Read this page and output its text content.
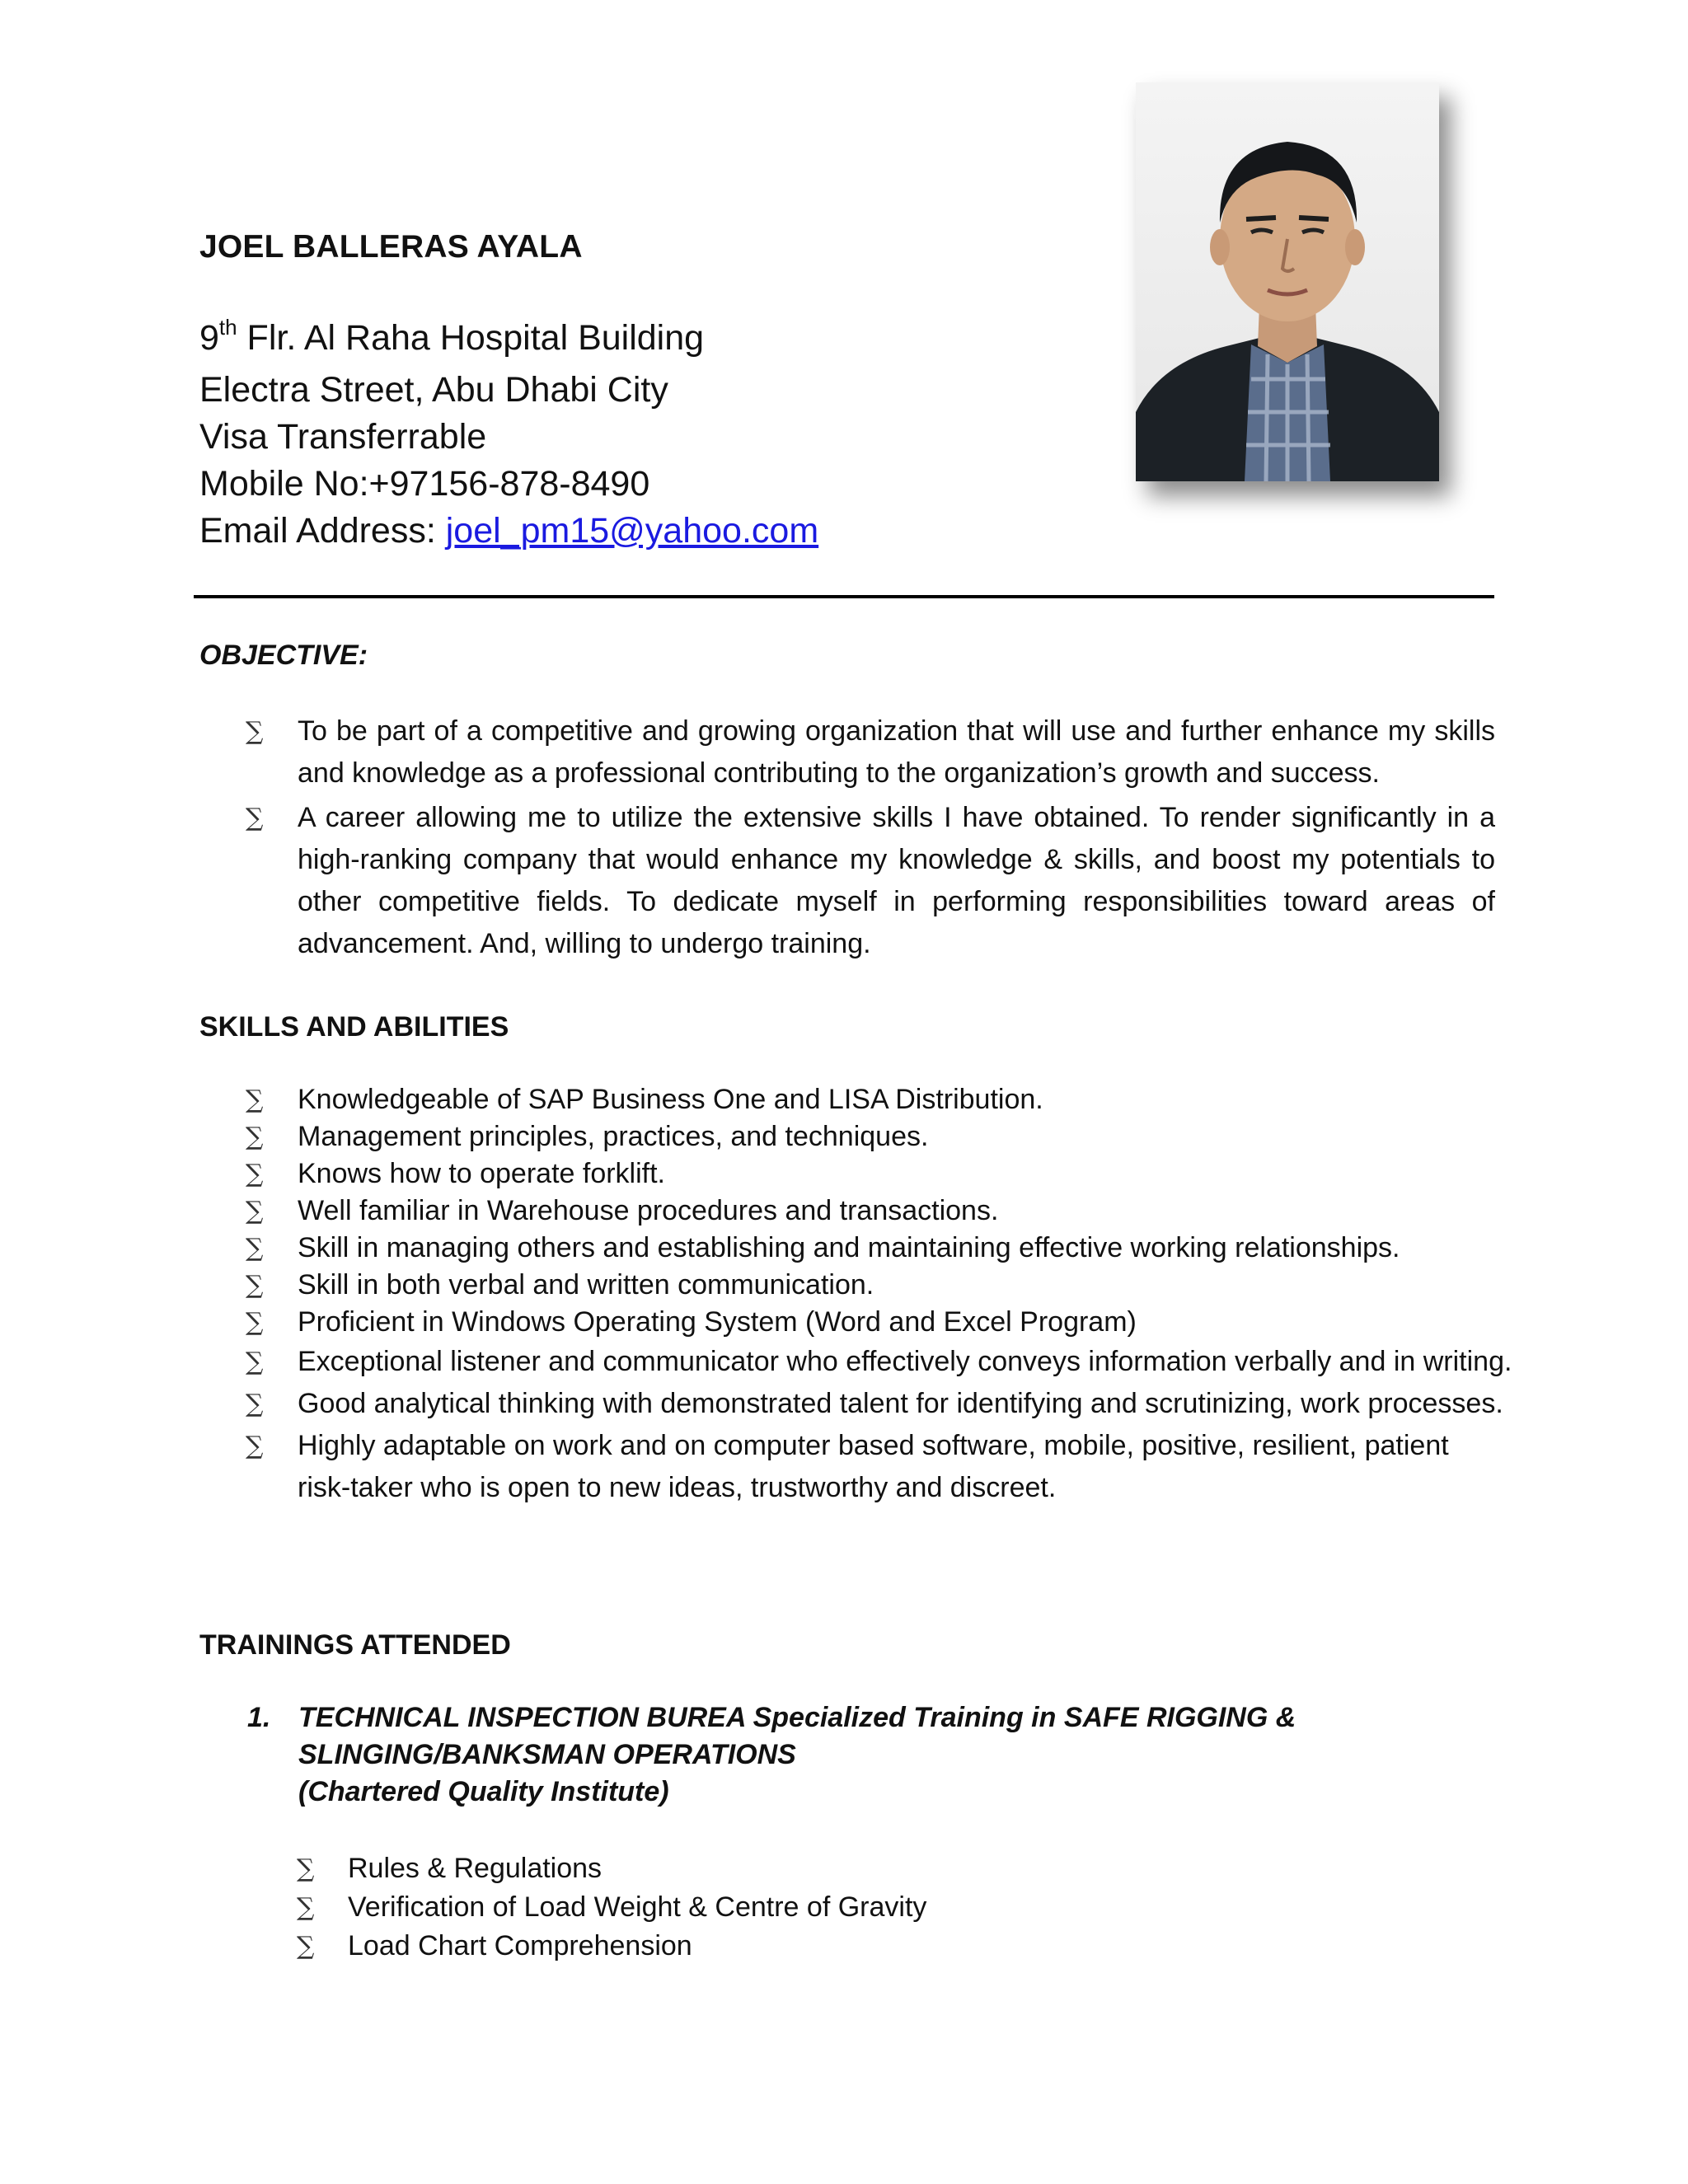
JOEL BALLERAS AYALA
9th Flr. Al Raha Hospital Building
Electra Street, Abu Dhabi City
Visa Transferrable
Mobile No:+97156-878-8490
Email Address: joel_pm15@yahoo.com
OBJECTIVE:
∑ To be part of a competitive and growing organization that will use and further enhance my skills and knowledge as a professional contributing to the organization’s growth and success.
∑ A career allowing me to utilize the extensive skills I have obtained. To render significantly in a high-ranking company that would enhance my knowledge & skills, and boost my potentials to other competitive fields. To dedicate myself in performing responsibilities toward areas of advancement. And, willing to undergo training.
SKILLS AND ABILITIES
∑ Knowledgeable of SAP Business One and LISA Distribution.
∑ Management principles, practices, and techniques.
∑ Knows how to operate forklift.
∑ Well familiar in Warehouse procedures and transactions.
∑ Skill in managing others and establishing and maintaining effective working relationships.
∑ Skill in both verbal and written communication.
∑ Proficient in Windows Operating System (Word and Excel Program)
∑ Exceptional listener and communicator who effectively conveys information verbally and in writing.
∑ Good analytical thinking with demonstrated talent for identifying and scrutinizing, work processes.
∑ Highly adaptable on work and on computer based software, mobile, positive, resilient, patient risk-taker who is open to new ideas, trustworthy and discreet.
TRAININGS ATTENDED
1. TECHNICAL INSPECTION BUREA Specialized Training in SAFE RIGGING & SLINGING/BANKSMAN OPERATIONS
(Chartered Quality Institute)
∑ Rules & Regulations
∑ Verification of Load Weight & Centre of Gravity
∑ Load Chart Comprehension
